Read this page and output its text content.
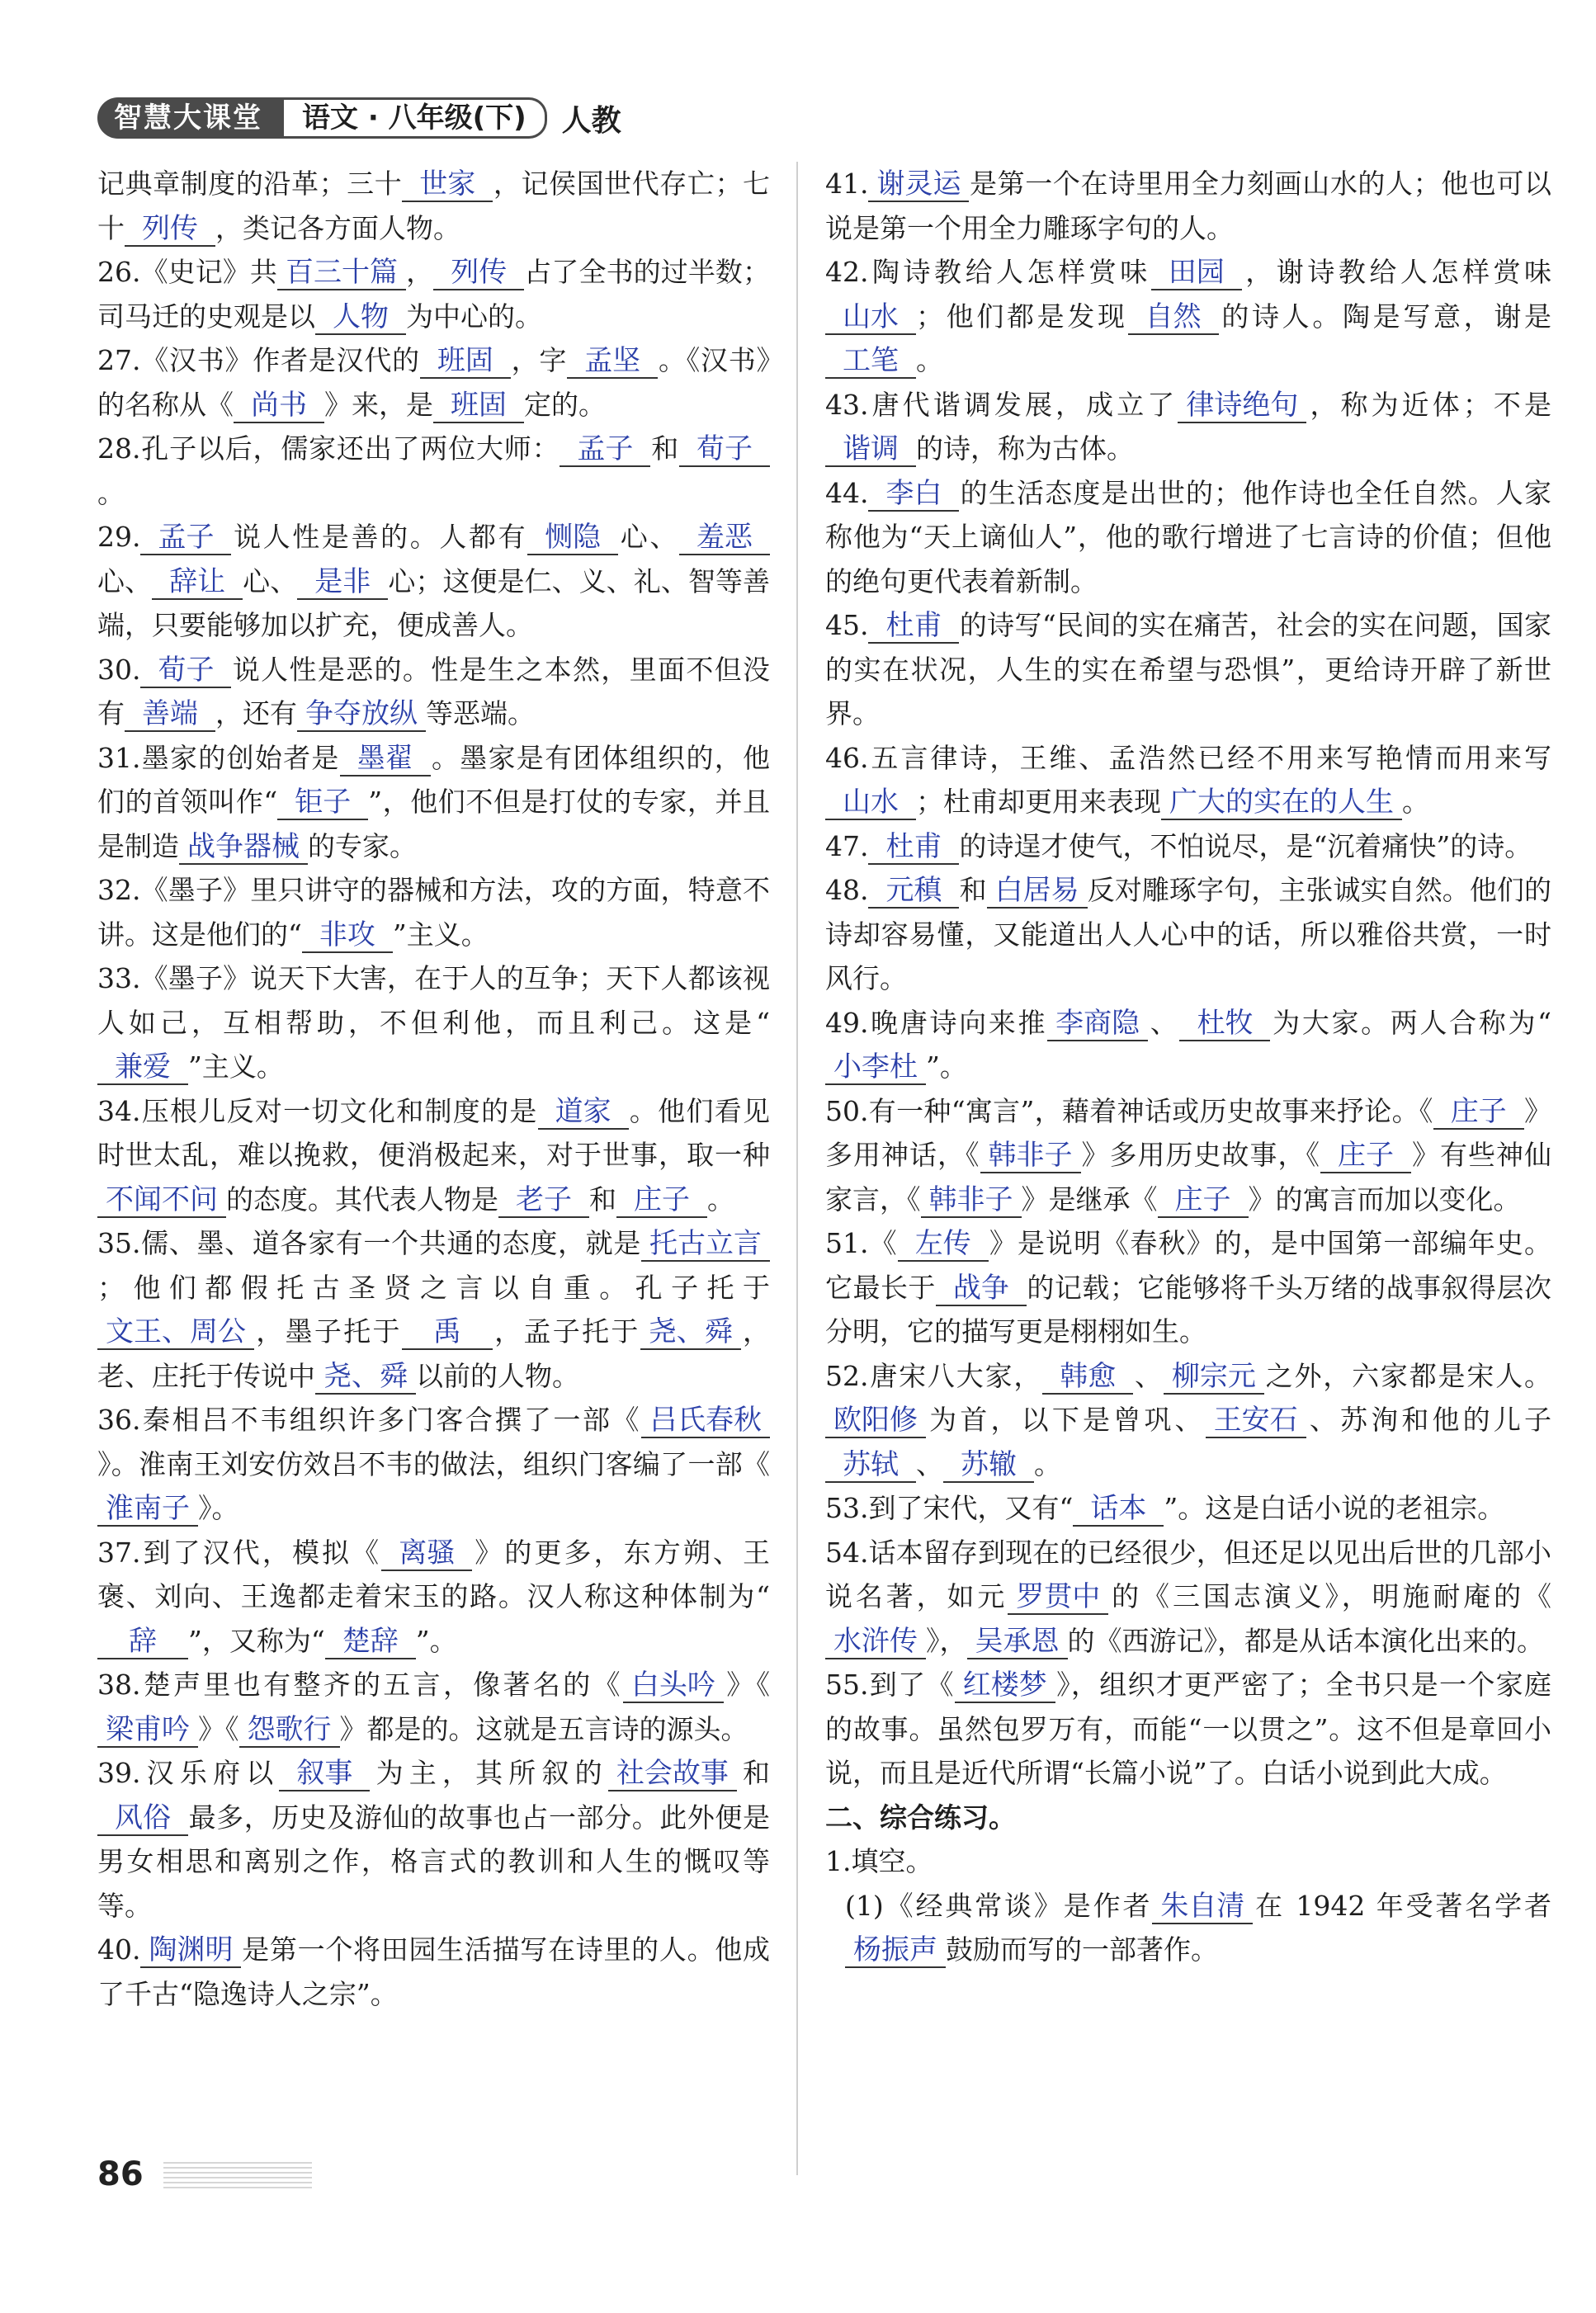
智慧大课堂	语文 · 八年级(下)	人教
记典章制度的沿革；三十 世家 ，记侯国世代存亡；七十 列传 ，类记各方面人物。
26.《史记》共 百三十篇 ， 列传 占了全书的过半数；司马迁的史观是以 人物 为中心的。
27.《汉书》作者是汉代的 班固 ，字 孟坚 。《汉书》的名称从《 尚书 》来，是 班固 定的。
28.孔子以后，儒家还出了两位大师： 孟子 和 荀子。
29. 孟子 说人性是善的。人都有 恻隐 心、 羞恶心、 辞让 心、 是非 心；这便是仁、义、礼、智等善端，只要能够加以扩充，便成善人。
30. 荀子 说人性是恶的。性是生之本然，里面不但没有 善端 ，还有 争夺放纵 等恶端。
31.墨家的创始者是 墨翟 。墨家是有团体组织的，他们的首领叫作“ 钜子 ”，他们不但是打仗的专家，并且是制造 战争器械 的专家。
32.《墨子》里只讲守的器械和方法，攻的方面，特意不讲。这是他们的“ 非攻 ”主义。
33.《墨子》说天下大害，在于人的互争；天下人都该视人如己，互相帮助，不但利他，而且利己。这是“兼爱 ”主义。
34.压根儿反对一切文化和制度的是 道家 。他们看见时世太乱，难以挽救，便消极起来，对于世事，取一种不闻不问 的态度。其代表人物是 老子 和 庄子 。
35.儒、墨、道各家有一个共通的态度，就是 托古立言；他们都假托古圣贤之言以自重。孔子托于文王、周公 ，墨子托于 禹 ，孟子托于 尧、舜 ，老、庄托于传说中 尧、舜 以前的人物。
36.秦相吕不韦组织许多门客合撰了一部《 吕氏春秋》。淮南王刘安仿效吕不韦的做法，组织门客编了一部《淮南子 》。
37.到了汉代，模拟《 离骚 》的更多，东方朔、王褒、刘向、王逸都走着宋玉的路。汉人称这种体制为“辞 ”，又称为“ 楚辞 ”。
38.楚声里也有整齐的五言，像著名的《 白头吟 》《梁甫吟 》《 怨歌行 》都是的。这就是五言诗的源头。
39.汉乐府以 叙事 为主，其所叙的 社会故事 和风俗 最多，历史及游仙的故事也占一部分。此外便是男女相思和离别之作，格言式的教训和人生的慨叹等等。
40. 陶渊明 是第一个将田园生活描写在诗里的人。他成了千古“隐逸诗人之宗”。
41. 谢灵运 是第一个在诗里用全力刻画山水的人；他也可以说是第一个用全力雕琢字句的人。
42.陶诗教给人怎样赏味 田园 ，谢诗教给人怎样赏味山水 ；他们都是发现 自然 的诗人。陶是写意，谢是工笔 。
43.唐代谐调发展，成立了 律诗绝句 ，称为近体；不是谐调 的诗，称为古体。
44. 李白 的生活态度是出世的；他作诗也全任自然。人家称他为“天上谪仙人”，他的歌行增进了七言诗的价值；但他的绝句更代表着新制。
45. 杜甫 的诗写“民间的实在痛苦，社会的实在问题，国家的实在状况，人生的实在希望与恐惧”，更给诗开辟了新世界。
46.五言律诗，王维、孟浩然已经不用来写艳情而用来写山水 ；杜甫却更用来表现 广大的实在的人生 。
47. 杜甫 的诗逞才使气，不怕说尽，是“沉着痛快”的诗。
48. 元稹 和 白居易 反对雕琢字句，主张诚实自然。他们的诗却容易懂，又能道出人人心中的话，所以雅俗共赏，一时风行。
49.晚唐诗向来推 李商隐 、 杜牧 为大家。两人合称为“小李杜 ”。
50.有一种“寓言”，藉着神话或历史故事来抒论。《 庄子 》多用神话，《 韩非子 》多用历史故事，《 庄子 》有些神仙家言，《 韩非子 》是继承《 庄子 》的寓言而加以变化。
51.《 左传 》是说明《春秋》的，是中国第一部编年史。它最长于 战争 的记载；它能够将千头万绪的战事叙得层次分明，它的描写更是栩栩如生。
52.唐宋八大家， 韩愈 、 柳宗元 之外，六家都是宋人。欧阳修 为首，以下是曾巩、 王安石 、苏洵和他的儿子苏轼 、 苏辙 。
53.到了宋代，又有“ 话本 ”。这是白话小说的老祖宗。
54.话本留存到现在的已经很少，但还足以见出后世的几部小说名著，如元 罗贯中 的《三国志演义》，明施耐庵的《水浒传 》， 吴承恩 的《西游记》，都是从话本演化出来的。
55.到了《 红楼梦 》，组织才更严密了；全书只是一个家庭的故事。虽然包罗万有，而能“一以贯之”。这不但是章回小说，而且是近代所谓“长篇小说”了。白话小说到此大成。
二、综合练习。
1.填空。
(1)《经典常谈》是作者 朱自清 在 1942 年受著名学者杨振声 鼓励而写的一部著作。
86
